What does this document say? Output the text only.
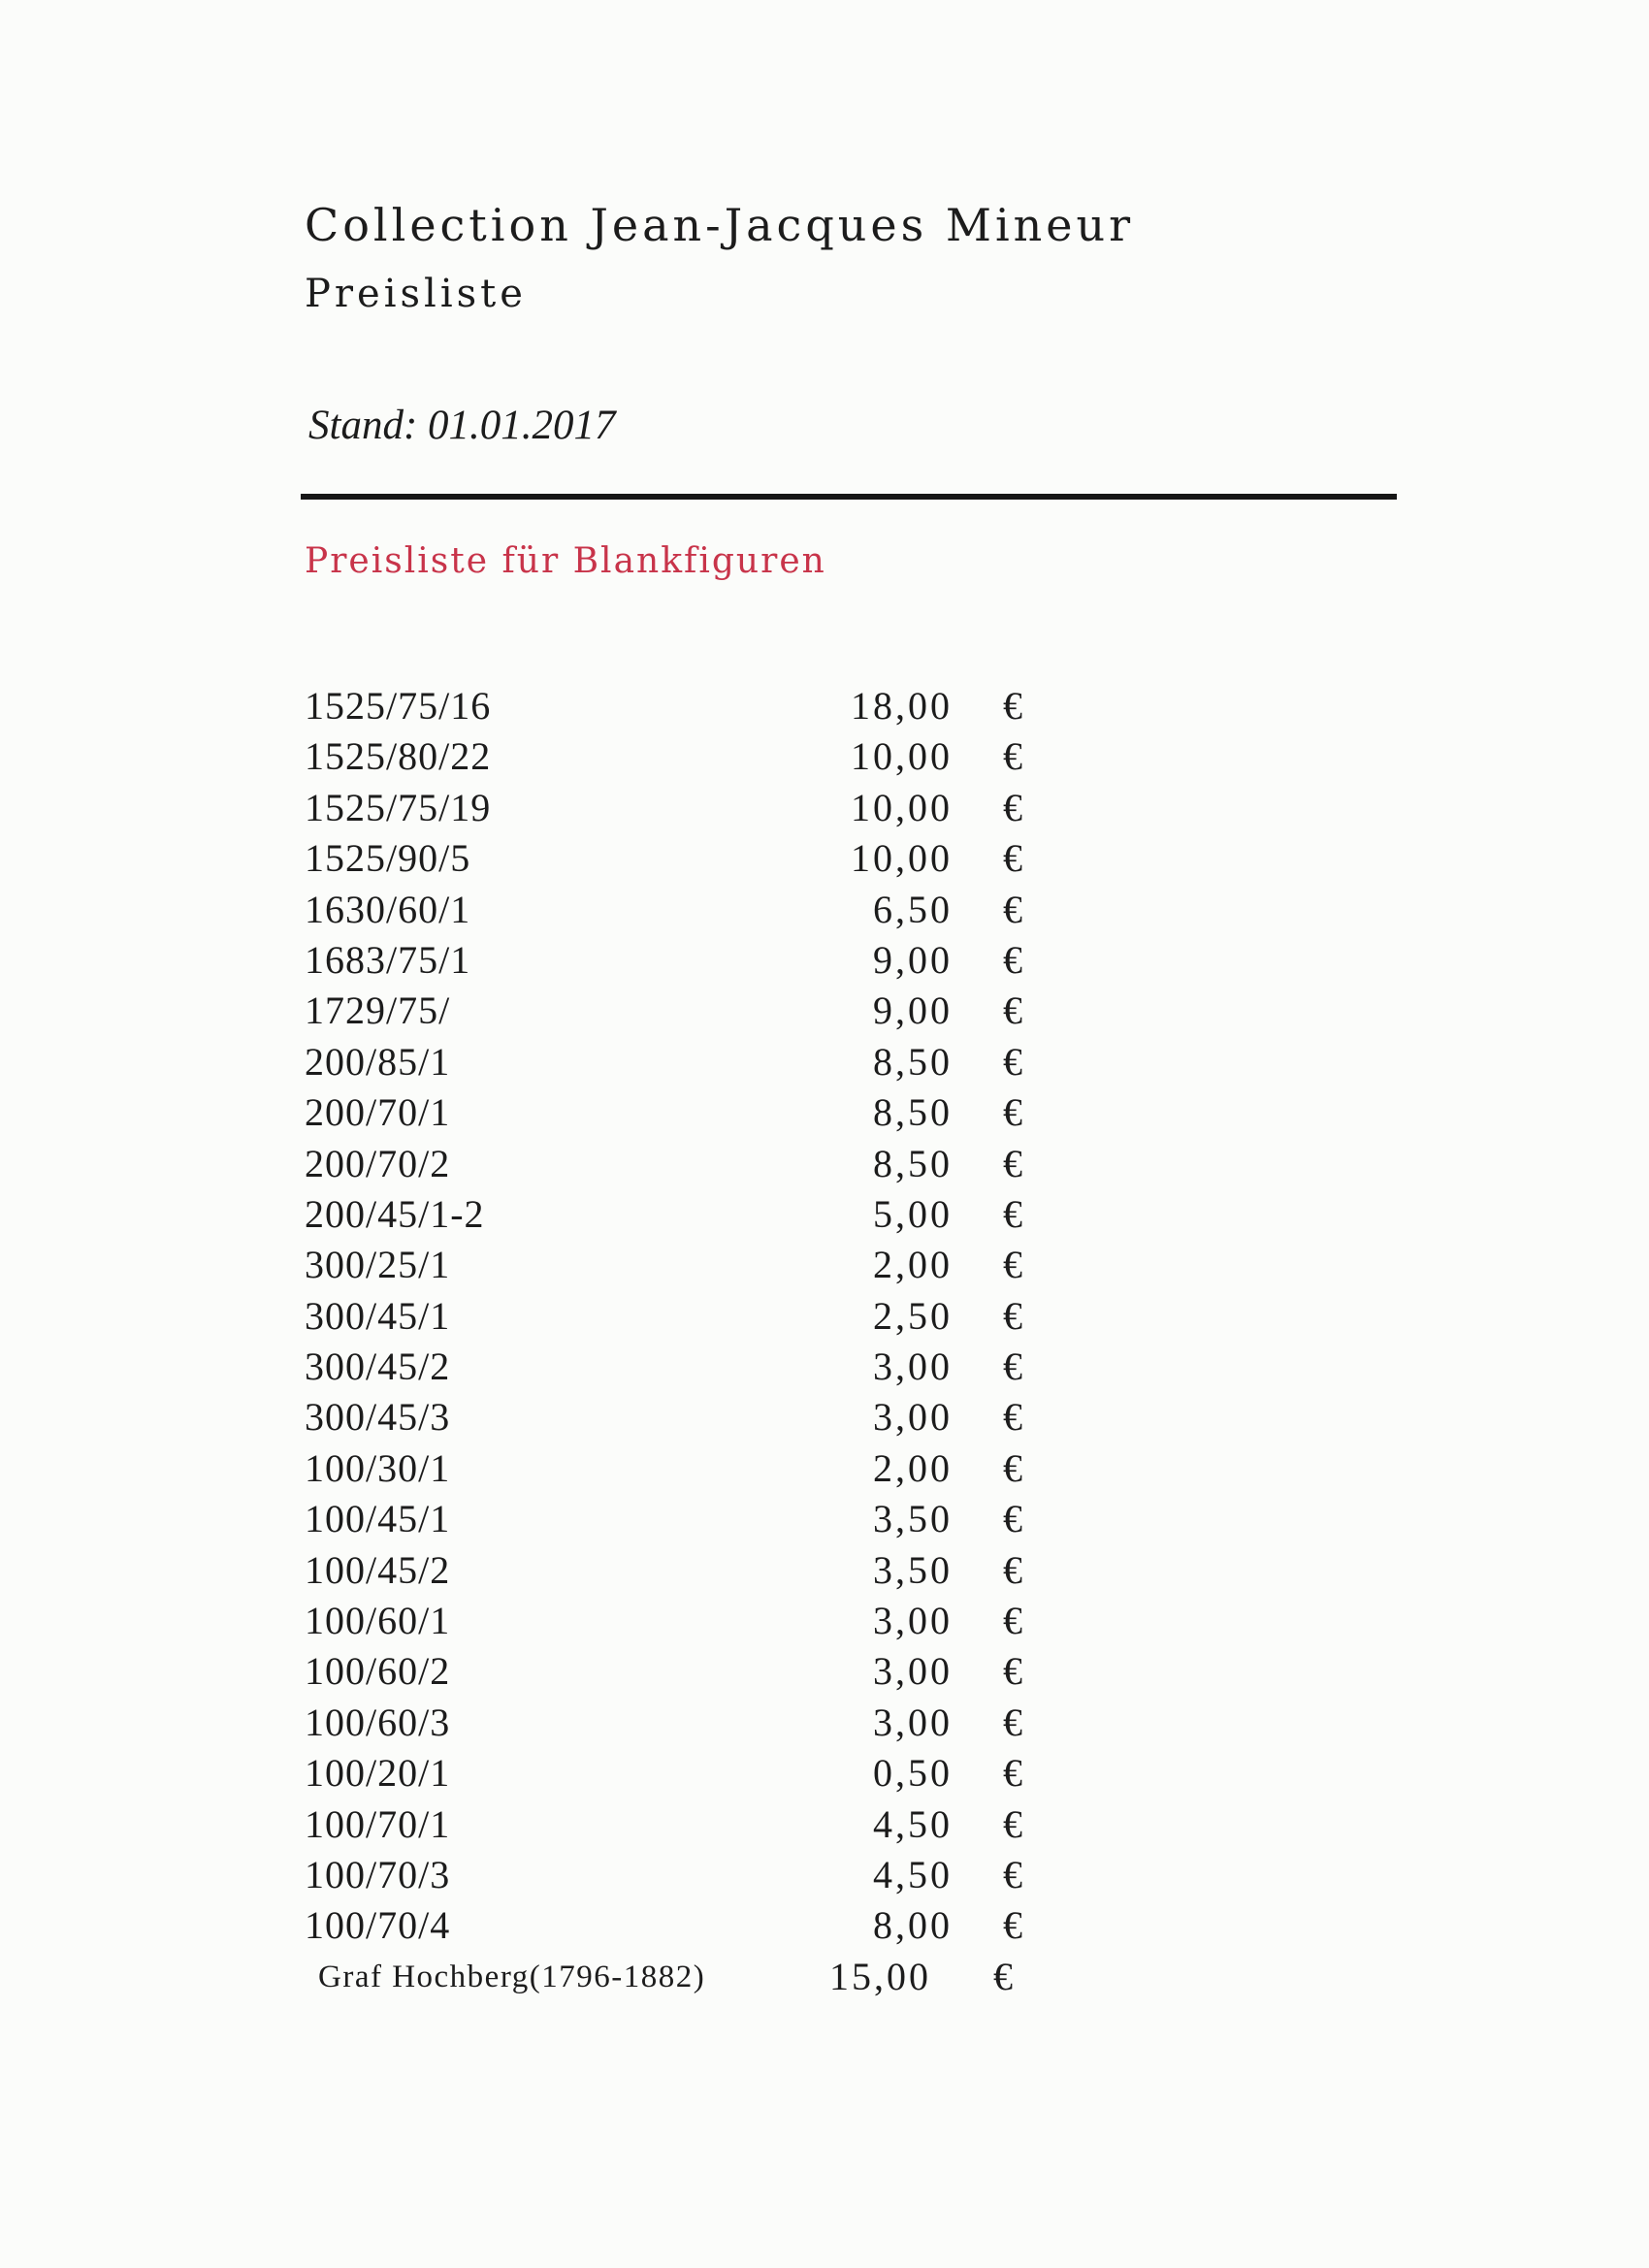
Collection Jean-Jacques Mineur
Preisliste
Stand: 01.01.2017
Preisliste für Blankfiguren
1525/75/16	18,00 €
1525/80/22	10,00 €
1525/75/19	10,00 €
1525/90/5	10,00 €
1630/60/1	6,50 €
1683/75/1	9,00 €
1729/75/	9,00 €
200/85/1	8,50 €
200/70/1	8,50 €
200/70/2	8,50 €
200/45/1-2	5,00 €
300/25/1	2,00 €
300/45/1	2,50 €
300/45/2	3,00 €
300/45/3	3,00 €
100/30/1	2,00 €
100/45/1	3,50 €
100/45/2	3,50 €
100/60/1	3,00 €
100/60/2	3,00 €
100/60/3	3,00 €
100/20/1	0,50 €
100/70/1	4,50 €
100/70/3	4,50 €
100/70/4	8,00 €
Graf Hochberg(1796-1882)	15,00 €
